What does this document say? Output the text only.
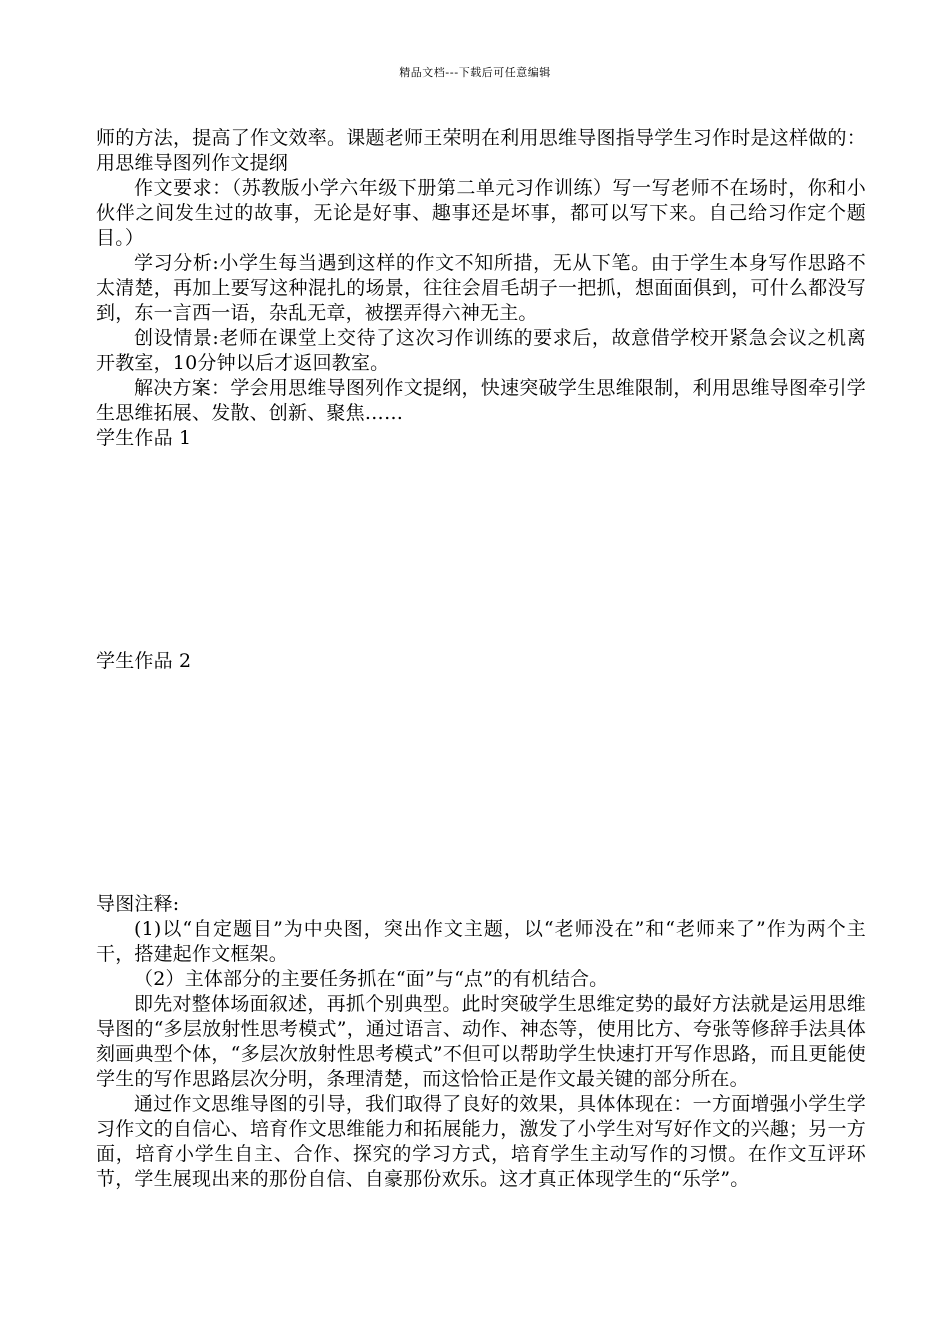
精品文档---下载后可任意编辑

师的方法，提高了作文效率。课题老师王荣明在利用思维导图指导学生习作时是这样做的：用思维导图列作文提纲

作文要求：（苏教版小学六年级下册第二单元习作训练）写一写老师不在场时，你和小伙伴之间发生过的故事，无论是好事、趣事还是坏事，都可以写下来。自己给习作定个题目。）

学习分析:小学生每当遇到这样的作文不知所措，无从下笔。由于学生本身写作思路不太清楚，再加上要写这种混扎的场景，往往会眉毛胡子一把抓，想面面俱到，可什么都没写到，东一言西一语，杂乱无章，被摆弄得六神无主。

创设情景:老师在课堂上交待了这次习作训练的要求后，故意借学校开紧急会议之机离开教室，10分钟以后才返回教室。

解决方案：学会用思维导图列作文提纲，快速突破学生思维限制，利用思维导图牵引学生思维拓展、发散、创新、聚焦……

学生作品 1

学生作品 2

导图注释:

(1)以“自定题目”为中央图，突出作文主题，以“老师没在”和“老师来了”作为两个主干，搭建起作文框架。

（2）主体部分的主要任务抓在“面”与“点”的有机结合。

即先对整体场面叙述，再抓个别典型。此时突破学生思维定势的最好方法就是运用思维导图的“多层放射性思考模式”，通过语言、动作、神态等，使用比方、夸张等修辞手法具体刻画典型个体，“多层次放射性思考模式”不但可以帮助学生快速打开写作思路，而且更能使学生的写作思路层次分明，条理清楚，而这恰恰正是作文最关键的部分所在。

通过作文思维导图的引导，我们取得了良好的效果，具体体现在：一方面增强小学生学习作文的自信心、培育作文思维能力和拓展能力，激发了小学生对写好作文的兴趣；另一方面，培育小学生自主、合作、探究的学习方式，培育学生主动写作的习惯。在作文互评环节，学生展现出来的那份自信、自豪那份欢乐。这才真正体现学生的“乐学”。
